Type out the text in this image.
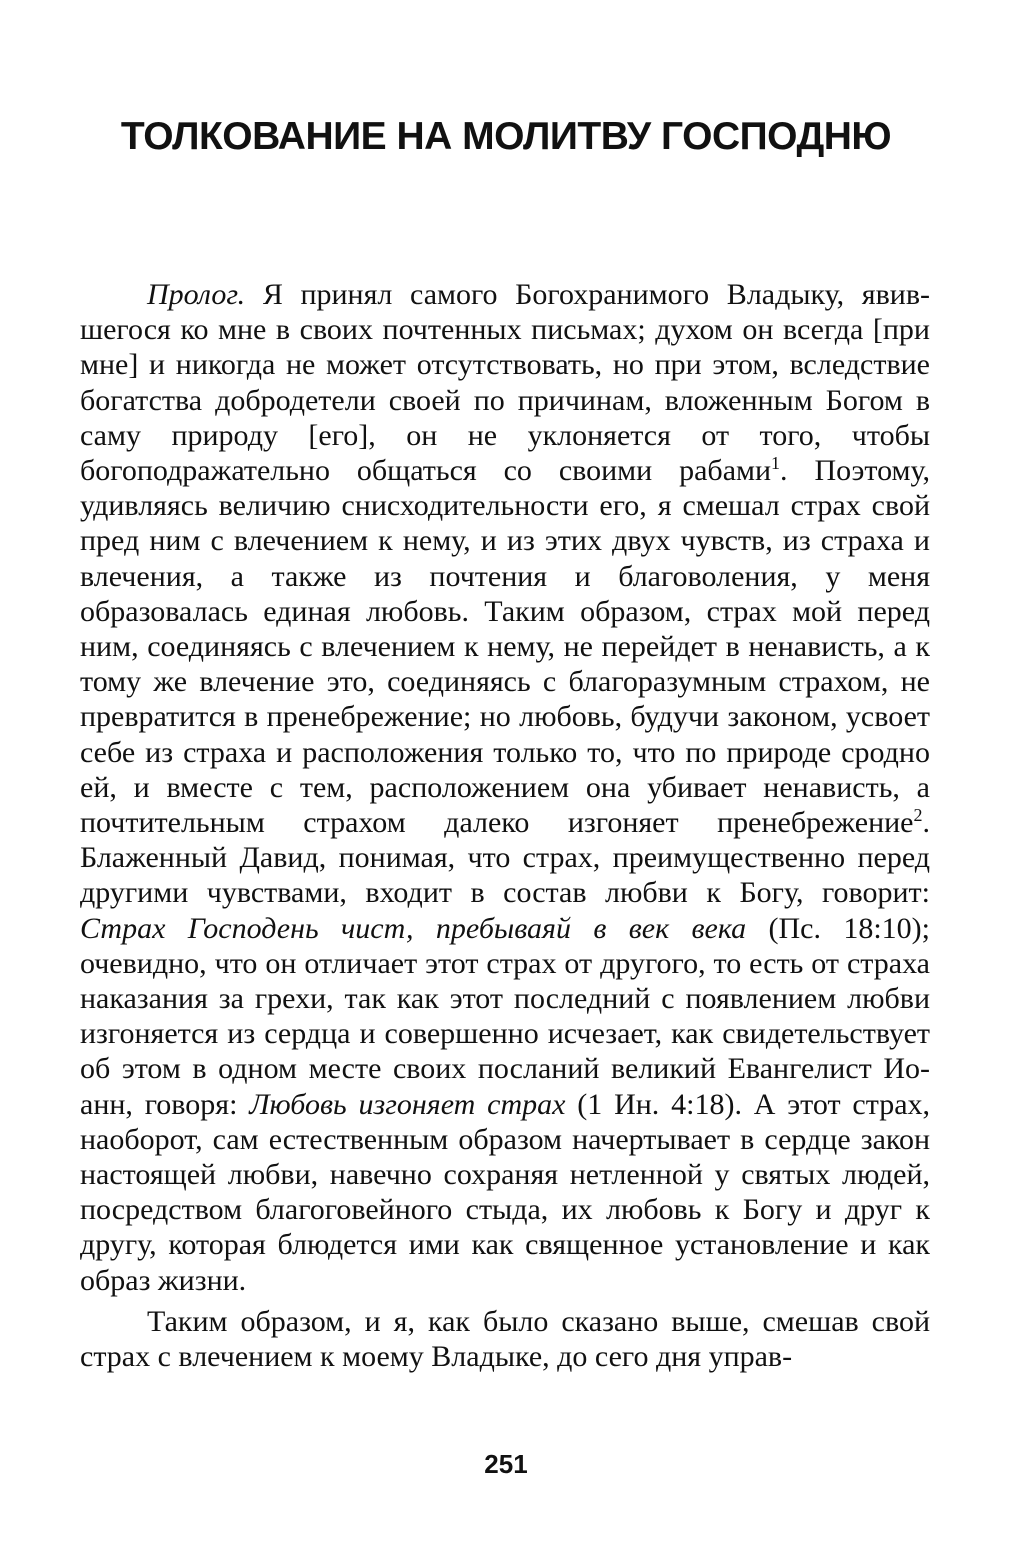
ТОЛКОВАНИЕ НА МОЛИТВУ ГОСПОДНЮ

Пролог. Я принял самого Богохранимого Владыку, явившегося ко мне в своих почтенных письмах; духом он всегда [при мне] и никогда не может отсутствовать, но при этом, вследствие богатства добродетели своей по причинам, вложенным Богом в саму природу [его], он не уклоняется от того, чтобы богоподражательно общаться со своими рабами$^1$. Поэтому, удивляясь величию снисходительности его, я смешал страх свой пред ним с влечением к нему, и из этих двух чувств, из страха и влечения, а также из почтения и благоволения, у меня образовалась единая любовь. Таким образом, страх мой перед ним, соединяясь с влечением к нему, не перейдет в ненависть, а к тому же влечение это, соединяясь с благоразумным страхом, не превратится в пренебрежение; но любовь, будучи законом, усвоет себе из страха и расположения только то, что по природе сродно ей, и вместе с тем, расположением она убивает ненависть, а почтительным страхом далеко изгоняет пренебрежение$^2$. Блаженный Давид, понимая, что страх, преимущественно перед другими чувствами, входит в состав любви к Богу, говорит: Страх Господень чист, пребываяй в век века (Пс. 18:10); очевидно, что он отличает этот страх от другого, то есть от страха наказания за грехи, так как этот последний с появлением любви изгоняется из сердца и совершенно исчезает, как свидетельствует об этом в одном месте своих посланий великий Евангелист Иоанн, говоря: Любовь изгоняет страх (1 Ин. 4:18). А этот страх, наоборот, сам естественным образом начертывает в сердце закон настоящей любви, навечно сохраняя нетленной у святых людей, посредством благоговейного стыда, их любовь к Богу и друг к другу, которая блюдется ими как священное установление и как образ жизни.

Таким образом, и я, как было сказано выше, смешав свой страх с влечением к моему Владыке, до сего дня управ-

251
